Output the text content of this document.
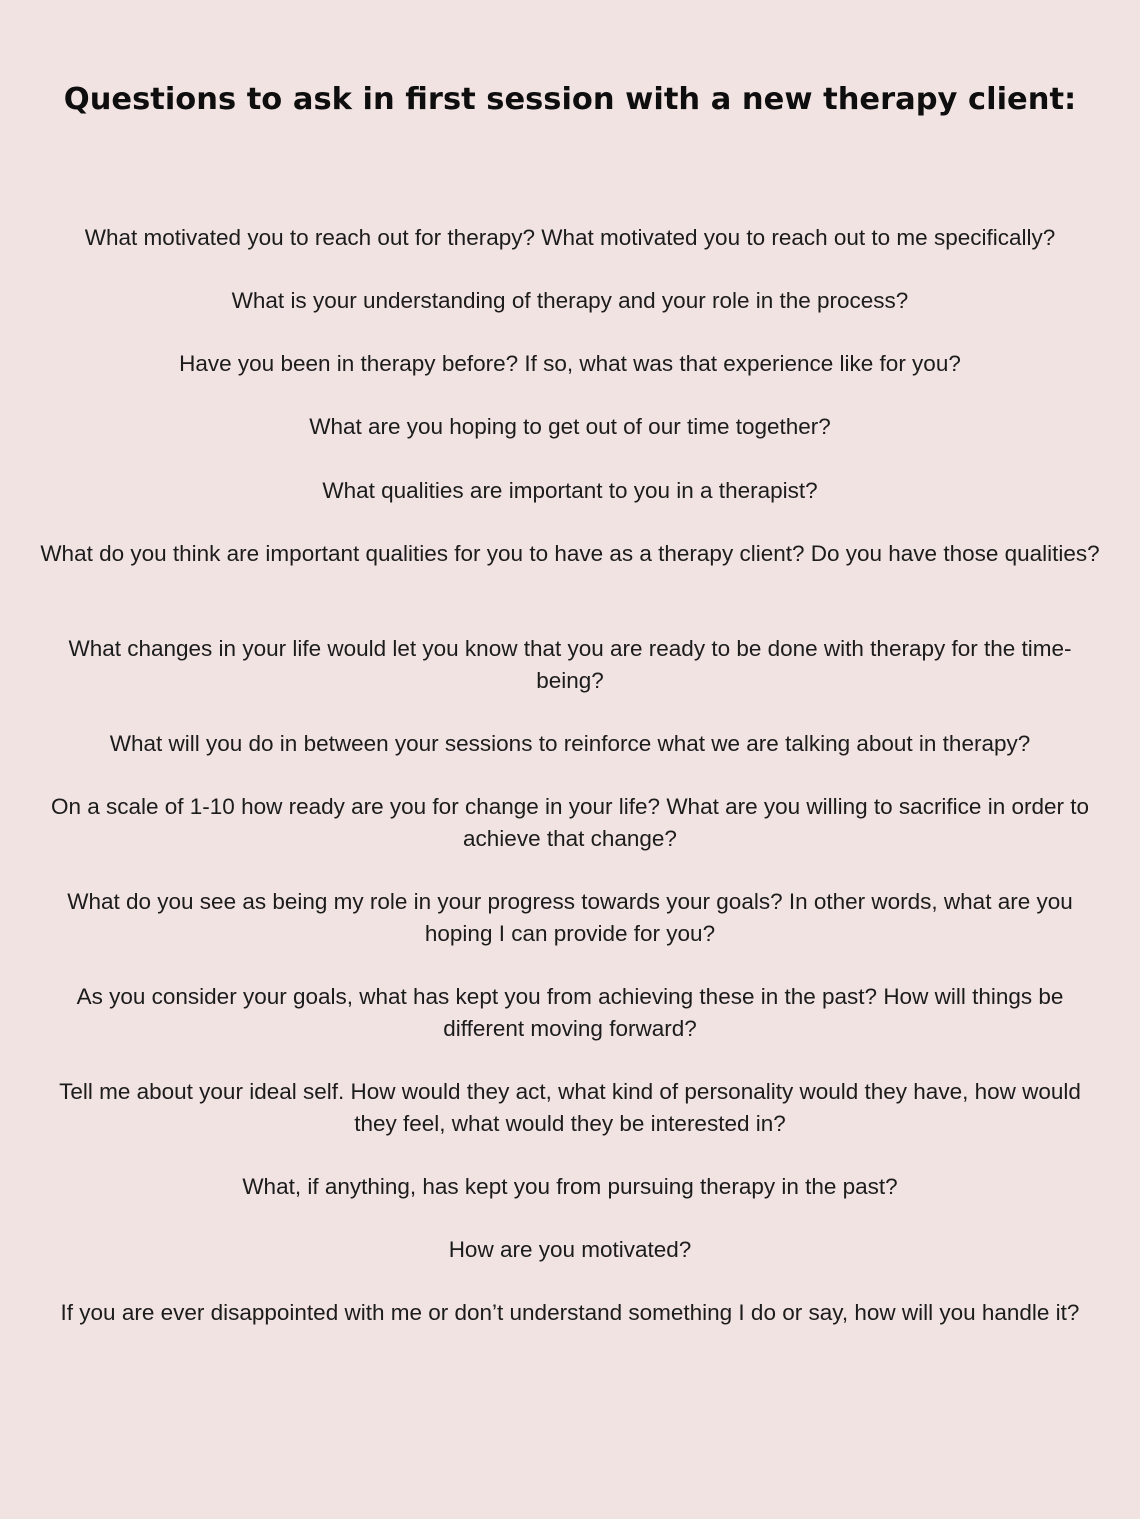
Questions to ask in first session with a new therapy client:
What motivated you to reach out for therapy? What motivated you to reach out to me specifically?
What is your understanding of therapy and your role in the process?
Have you been in therapy before? If so, what was that experience like for you?
What are you hoping to get out of our time together?
What qualities are important to you in a therapist?
What do you think are important qualities for you to have as a therapy client? Do you have those qualities?
What changes in your life would let you know that you are ready to be done with therapy for the time-being?
What will you do in between your sessions to reinforce what we are talking about in therapy?
On a scale of 1-10 how ready are you for change in your life? What are you willing to sacrifice in order to achieve that change?
What do you see as being my role in your progress towards your goals? In other words, what are you hoping I can provide for you?
As you consider your goals, what has kept you from achieving these in the past? How will things be different moving forward?
Tell me about your ideal self. How would they act, what kind of personality would they have, how would they feel, what would they be interested in?
What, if anything, has kept you from pursuing therapy in the past?
How are you motivated?
If you are ever disappointed with me or don’t understand something I do or say, how will you handle it?
